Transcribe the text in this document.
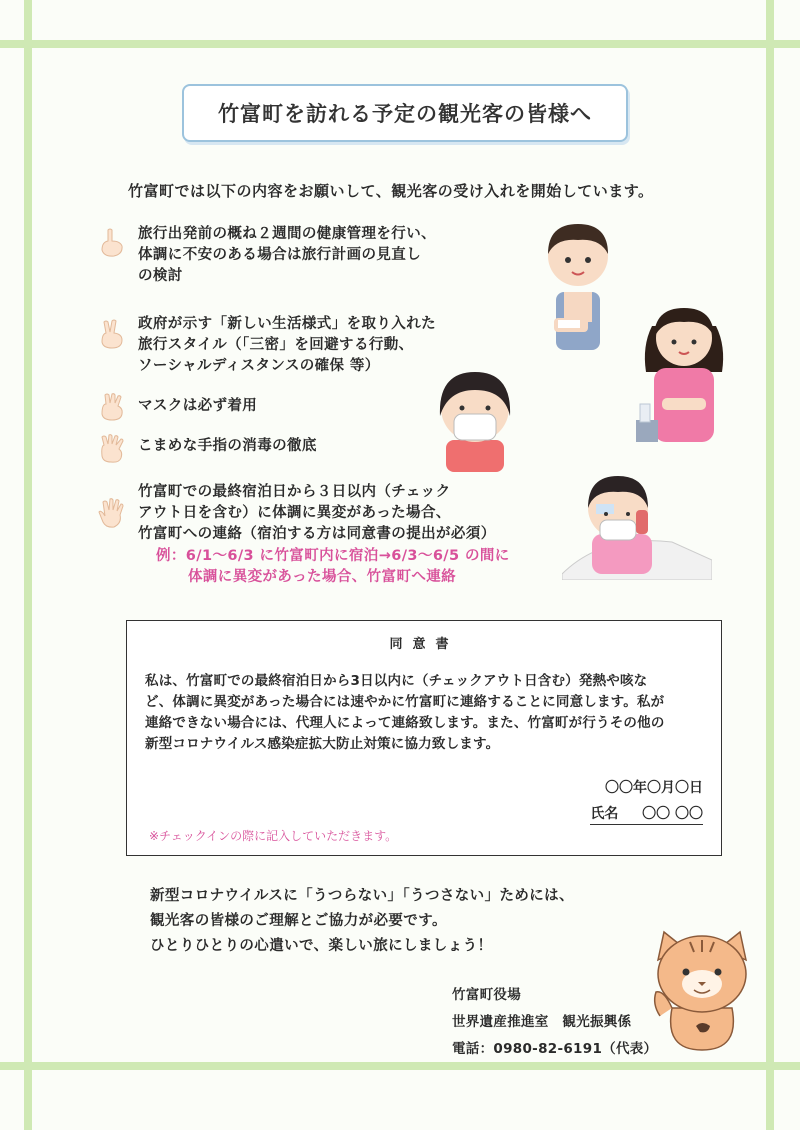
竹富町を訪れる予定の観光客の皆様へ
竹富町では以下の内容をお願いして、観光客の受け入れを開始しています。
旅行出発前の概ね２週間の健康管理を行い、
体調に不安のある場合は旅行計画の見直し
の検討
政府が示す「新しい生活様式」を取り入れた
旅行スタイル（「三密」を回避する行動、
ソーシャルディスタンスの確保 等）
マスクは必ず着用
こまめな手指の消毒の徹底
竹富町での最終宿泊日から３日以内（チェック
アウト日を含む）に体調に異変があった場合、
竹富町への連絡（宿泊する方は同意書の提出が必須）
例：6/1～6/3 に竹富町内に宿泊→6/3～6/5 の間に
体調に異変があった場合、竹富町へ連絡
同意書
私は、竹富町での最終宿泊日から3日以内に（チェックアウト日含む）発熱や咳な
ど、体調に異変があった場合には速やかに竹富町に連絡することに同意します。私が
連絡できない場合には、代理人によって連絡致します。また、竹富町が行うその他の
新型コロナウイルス感染症拡大防止対策に協力致します。
〇〇年〇月〇日
氏名 〇〇 〇〇
※チェックインの際に記入していただきます。
新型コロナウイルスに「うつらない」「うつさない」ためには、
観光客の皆様のご理解とご協力が必要です。
ひとりひとりの心遣いで、楽しい旅にしましょう！
竹富町役場
世界遺産推進室　観光振興係
電話：0980-82-6191（代表）
